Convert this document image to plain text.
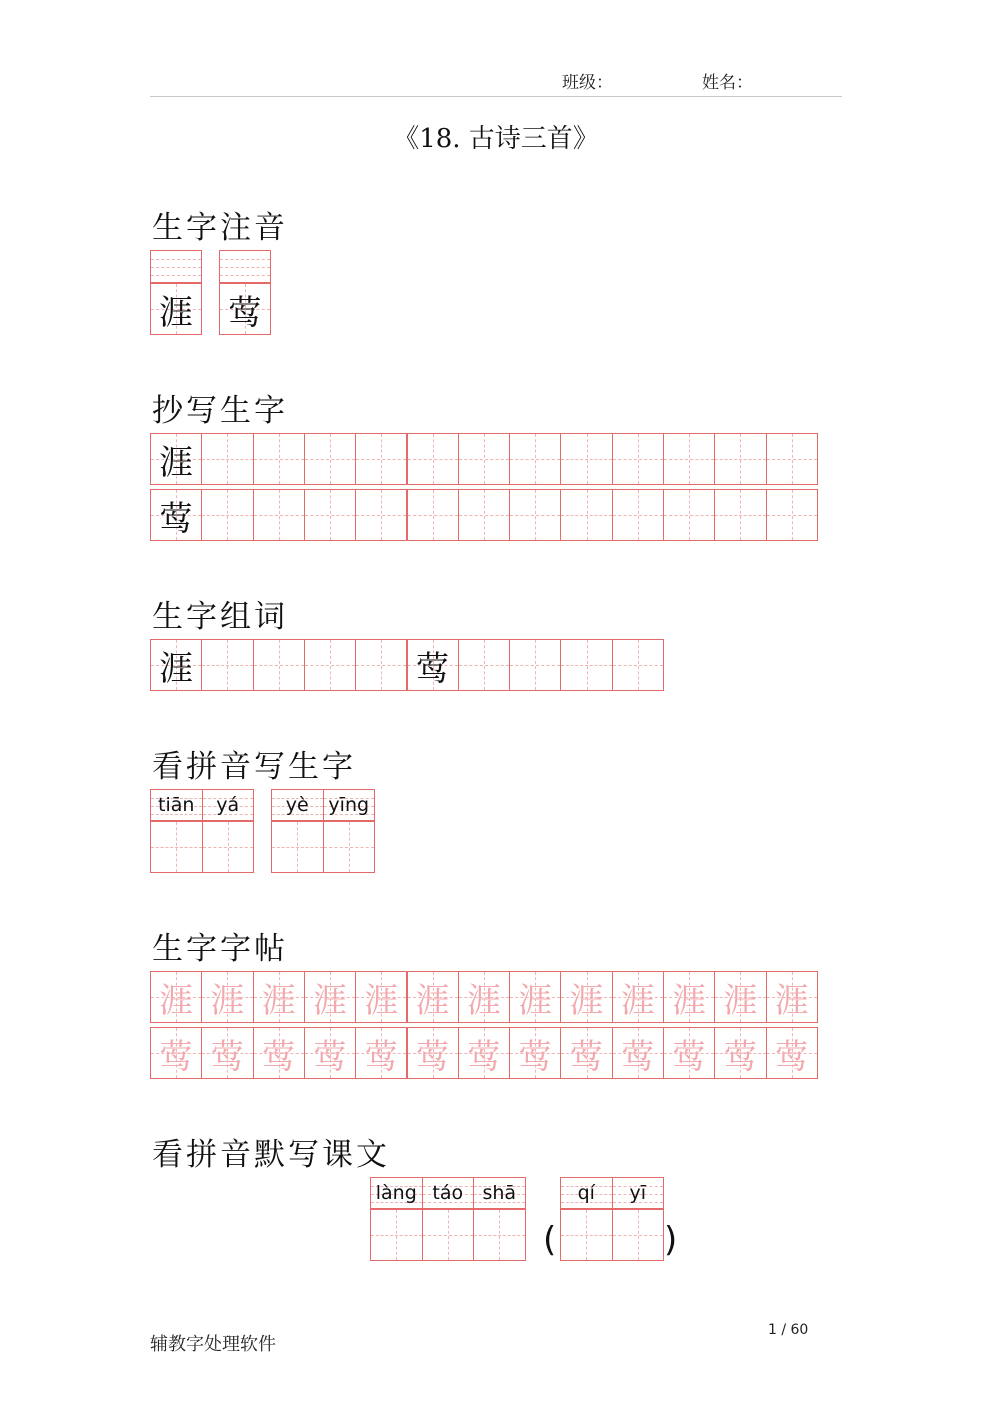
班级：	姓名：
《18. 古诗三首》
生字注音
涯 莺
抄写生字
涯
莺
生字组词
涯	莺
看拼音写生字
tiān	yá	yè	yīng
生字字帖
涯 涯 涯 涯 涯 涯 涯 涯 涯 涯 涯 涯 涯
莺 莺 莺 莺 莺 莺 莺 莺 莺 莺 莺 莺 莺
看拼音默写课文
làng táo	shā	qí	yī
(	)
辅教字处理软件
1 / 60
